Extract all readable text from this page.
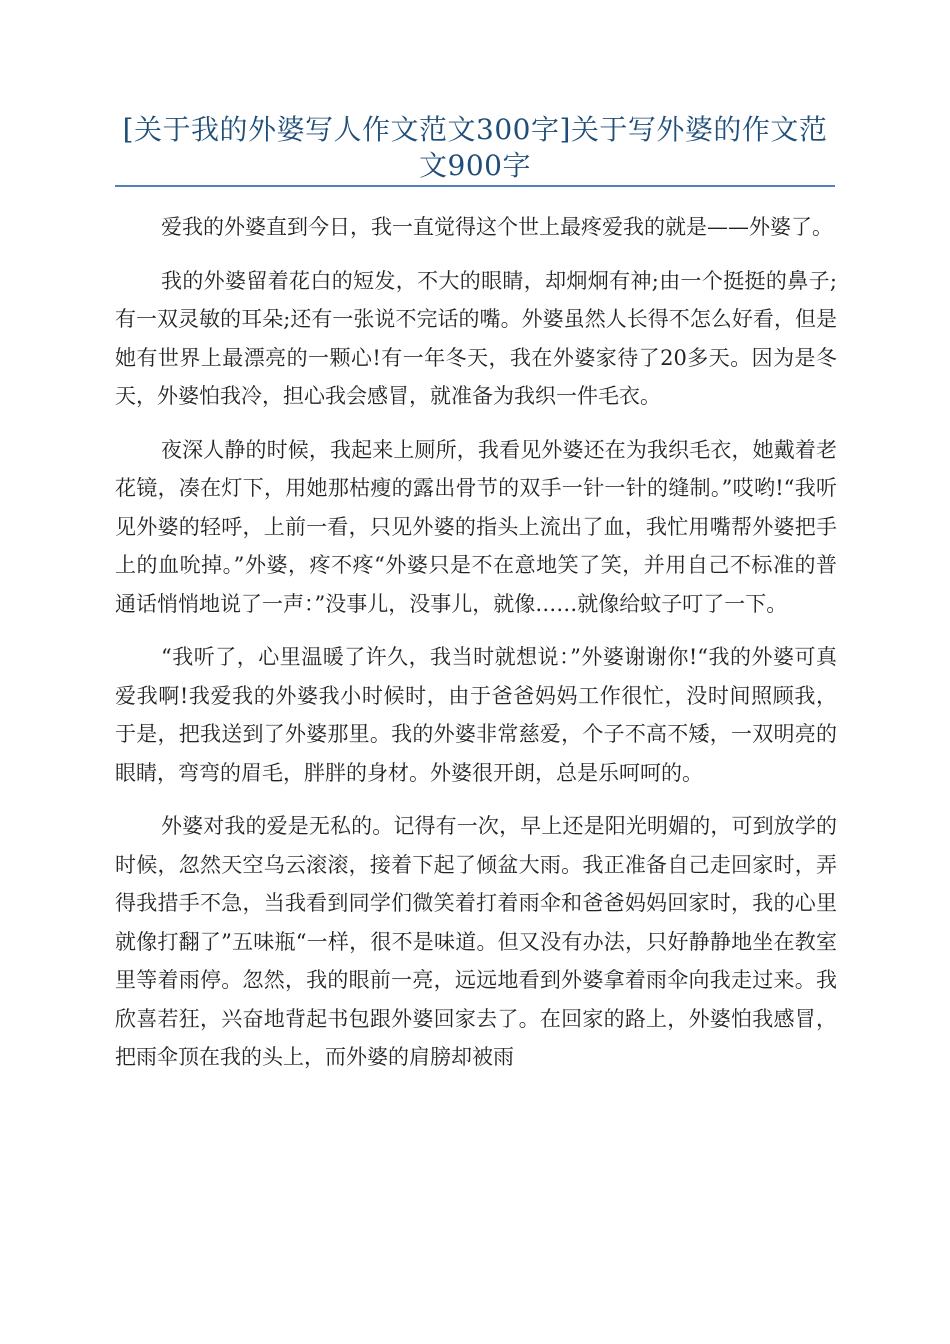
[关于我的外婆写人作文范文300字]关于写外婆的作文范文900字

爱我的外婆直到今日，我一直觉得这个世上最疼爱我的就是——外婆了。

我的外婆留着花白的短发，不大的眼睛，却炯炯有神;由一个挺挺的鼻子;有一双灵敏的耳朵;还有一张说不完话的嘴。外婆虽然人长得不怎么好看，但是她有世界上最漂亮的一颗心!有一年冬天，我在外婆家待了20多天。因为是冬天，外婆怕我冷，担心我会感冒，就准备为我织一件毛衣。

夜深人静的时候，我起来上厕所，我看见外婆还在为我织毛衣，她戴着老花镜，凑在灯下，用她那枯瘦的露出骨节的双手一针一针的缝制。”哎哟!“我听见外婆的轻呼，上前一看，只见外婆的指头上流出了血，我忙用嘴帮外婆把手上的血吮掉。”外婆，疼不疼“外婆只是不在意地笑了笑，并用自己不标准的普通话悄悄地说了一声：”没事儿，没事儿，就像……就像给蚊子叮了一下。

“我听了，心里温暖了许久，我当时就想说：”外婆谢谢你!“我的外婆可真爱我啊!我爱我的外婆我小时候时，由于爸爸妈妈工作很忙，没时间照顾我，于是，把我送到了外婆那里。我的外婆非常慈爱，个子不高不矮，一双明亮的眼睛，弯弯的眉毛，胖胖的身材。外婆很开朗，总是乐呵呵的。

外婆对我的爱是无私的。记得有一次，早上还是阳光明媚的，可到放学的时候，忽然天空乌云滚滚，接着下起了倾盆大雨。我正准备自己走回家时，弄得我措手不急，当我看到同学们微笑着打着雨伞和爸爸妈妈回家时，我的心里就像打翻了”五味瓶“一样，很不是味道。但又没有办法，只好静静地坐在教室里等着雨停。忽然，我的眼前一亮，远远地看到外婆拿着雨伞向我走过来。我欣喜若狂，兴奋地背起书包跟外婆回家去了。在回家的路上，外婆怕我感冒，把雨伞顶在我的头上，而外婆的肩膀却被雨
